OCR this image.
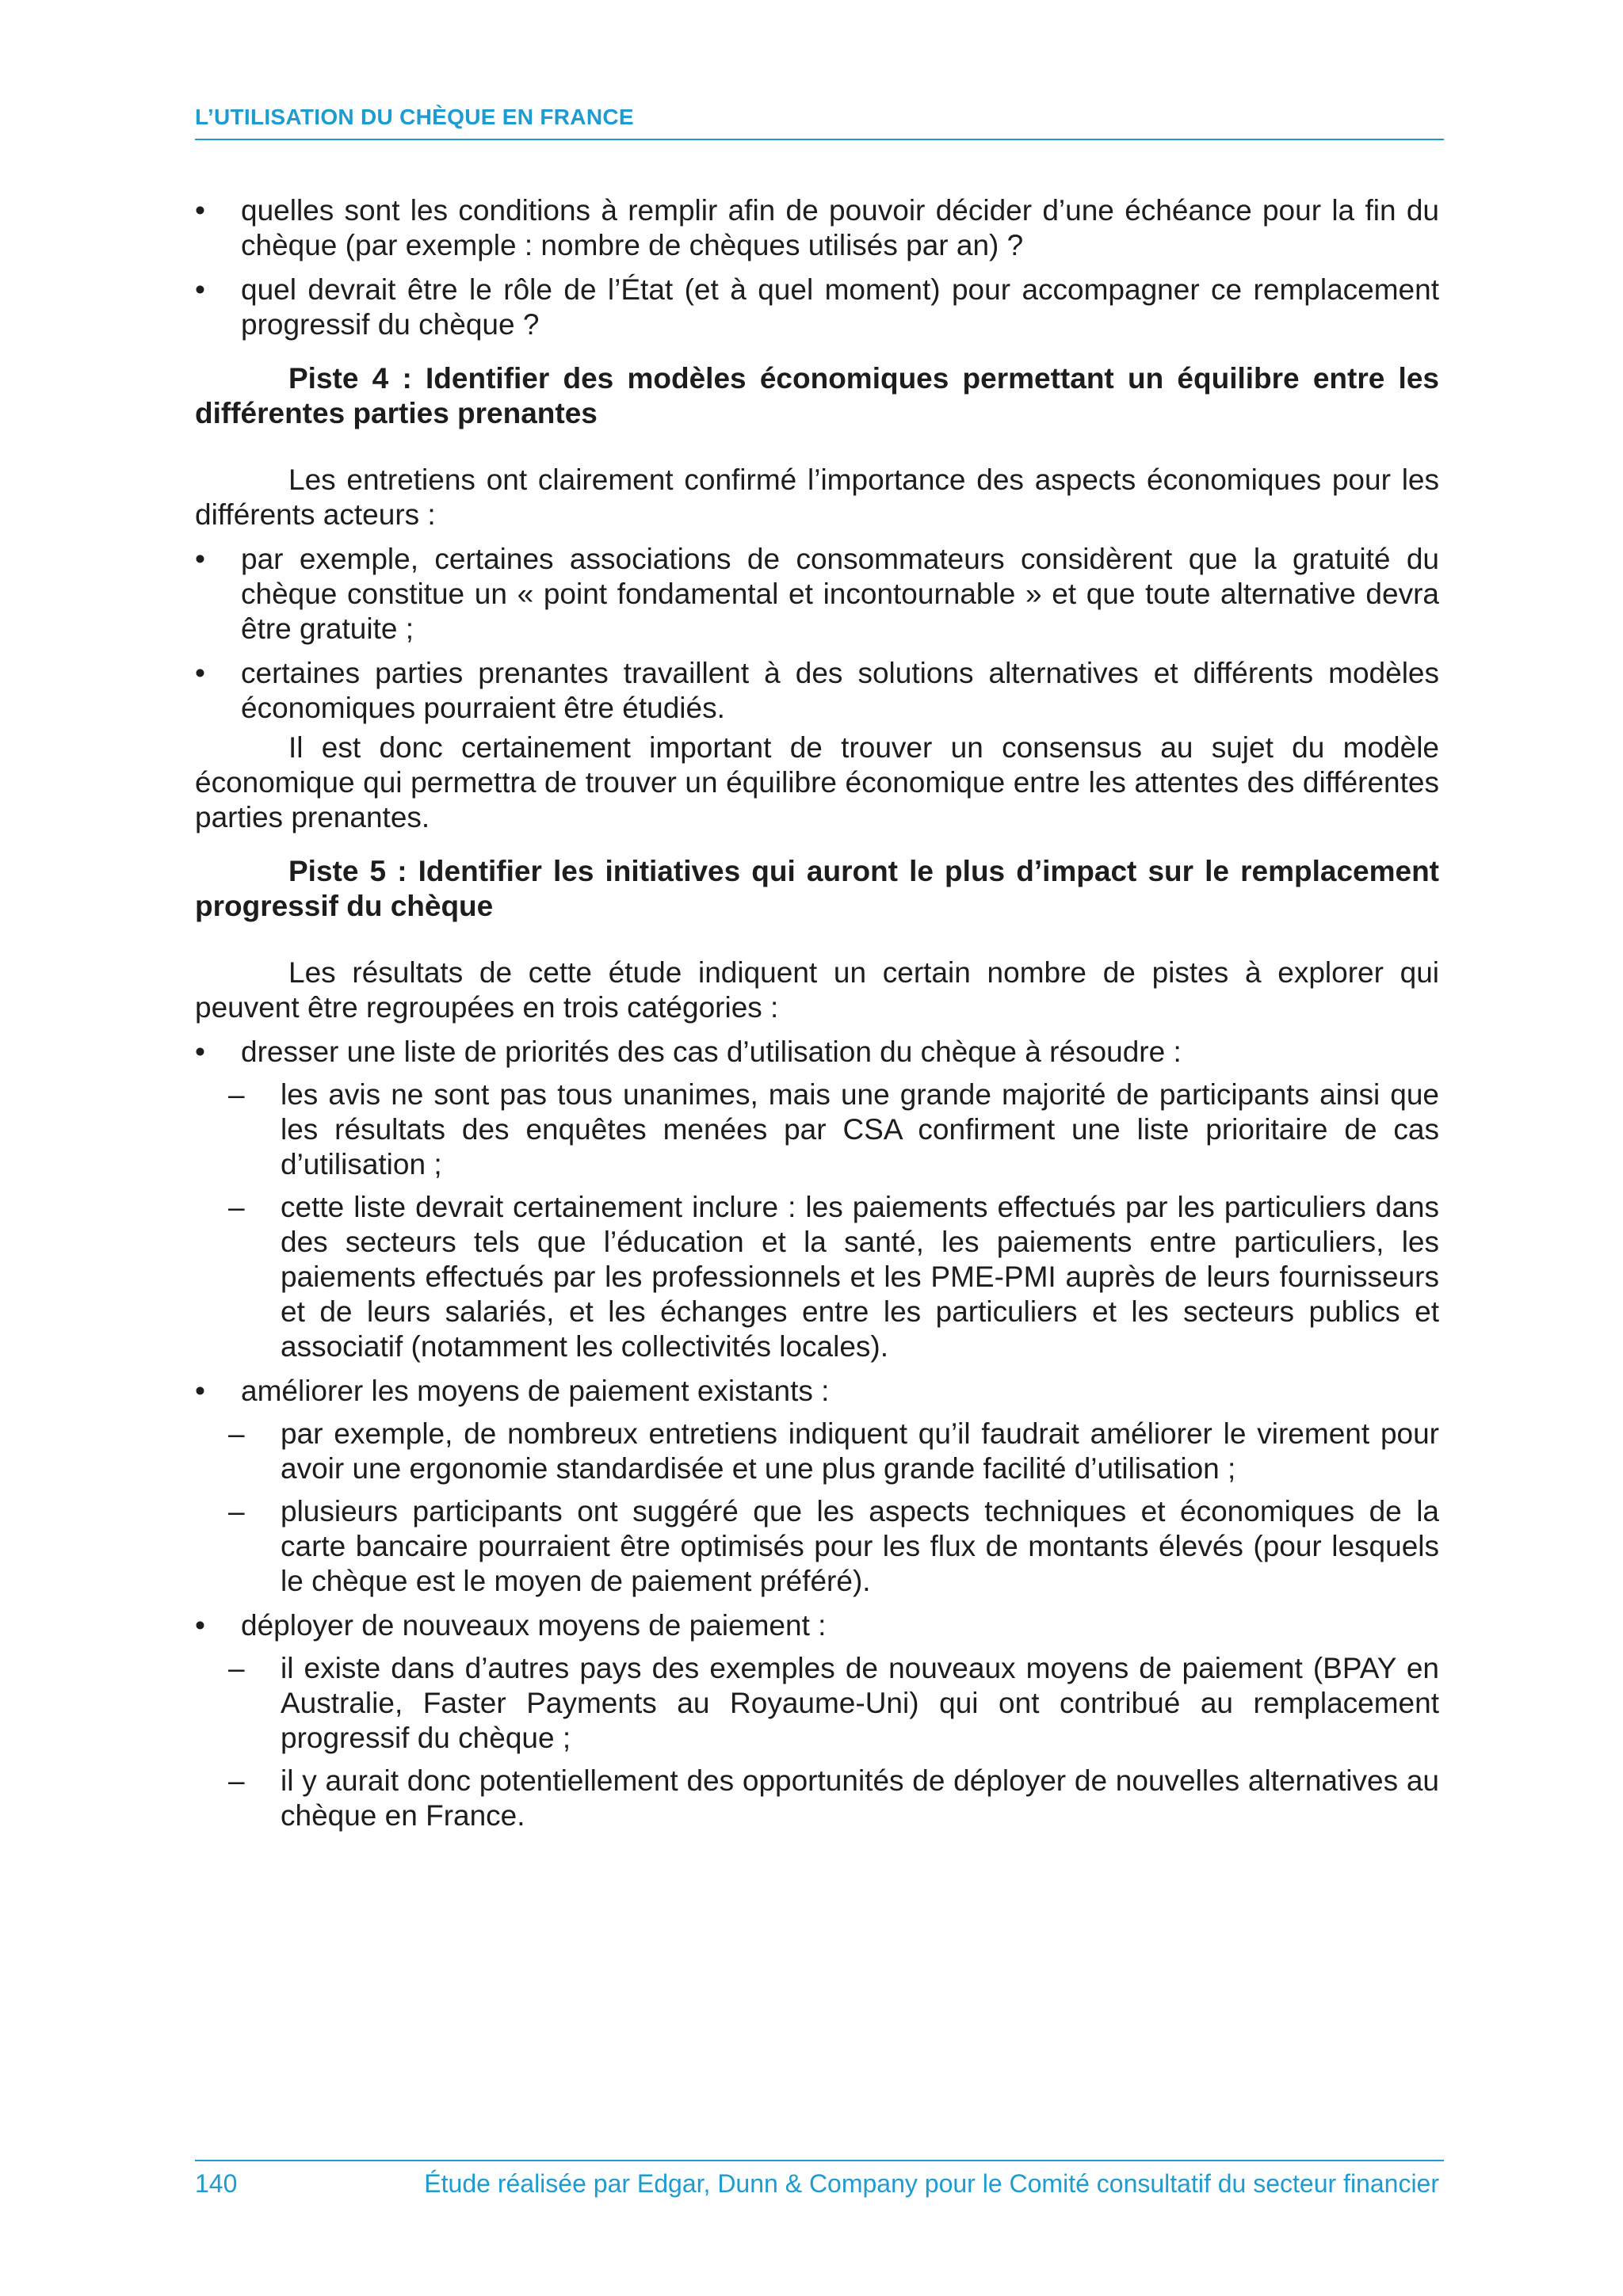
L’UTILISATION DU CHÈQUE EN FRANCE
• quelles sont les conditions à remplir afin de pouvoir décider d’une échéance pour la fin du chèque (par exemple : nombre de chèques utilisés par an) ?
• quel devrait être le rôle de l’État (et à quel moment) pour accompagner ce remplacement progressif du chèque ?

Piste 4 : Identifier des modèles économiques permettant un équilibre entre les différentes parties prenantes

Les entretiens ont clairement confirmé l’importance des aspects économiques pour les différents acteurs :

• par exemple, certaines associations de consommateurs considèrent que la gratuité du chèque constitue un « point fondamental et incontournable » et que toute alternative devra être gratuite ;
• certaines parties prenantes travaillent à des solutions alternatives et différents modèles économiques pourraient être étudiés.

Il est donc certainement important de trouver un consensus au sujet du modèle économique qui permettra de trouver un équilibre économique entre les attentes des différentes parties prenantes.

Piste 5 : Identifier les initiatives qui auront le plus d’impact sur le remplacement progressif du chèque

Les résultats de cette étude indiquent un certain nombre de pistes à explorer qui peuvent être regroupées en trois catégories :

• dresser une liste de priorités des cas d’utilisation du chèque à résoudre :
– les avis ne sont pas tous unanimes, mais une grande majorité de participants ainsi que les résultats des enquêtes menées par CSA confirment une liste prioritaire de cas d’utilisation ;
– cette liste devrait certainement inclure : les paiements effectués par les particuliers dans des secteurs tels que l’éducation et la santé, les paiements entre particuliers, les paiements effectués par les professionnels et les PME-PMI auprès de leurs fournisseurs et de leurs salariés, et les échanges entre les particuliers et les secteurs publics et associatif (notamment les collectivités locales).
• améliorer les moyens de paiement existants :
– par exemple, de nombreux entretiens indiquent qu’il faudrait améliorer le virement pour avoir une ergonomie standardisée et une plus grande facilité d’utilisation ;
– plusieurs participants ont suggéré que les aspects techniques et économiques de la carte bancaire pourraient être optimisés pour les flux de montants élevés (pour lesquels le chèque est le moyen de paiement préféré).
• déployer de nouveaux moyens de paiement :
– il existe dans d’autres pays des exemples de nouveaux moyens de paiement (BPAY en Australie, Faster Payments au Royaume-Uni) qui ont contribué au remplacement progressif du chèque ;
– il y aurait donc potentiellement des opportunités de déployer de nouvelles alternatives au chèque en France.
140	Étude réalisée par Edgar, Dunn & Company pour le Comité consultatif du secteur financier
